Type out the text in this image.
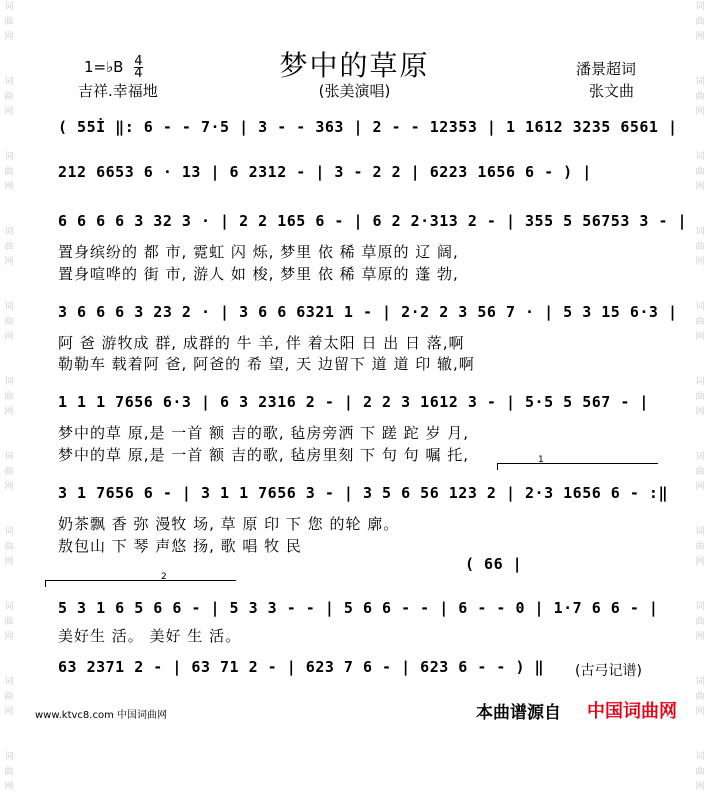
词
曲
网

词
曲
网

词
曲
网

词
曲
网

词
曲
网

词
曲
网

词
曲
网

词
曲
网

词
曲
网

词
曲
网

词
曲
网
词
曲
网

词
曲
网

词
曲
网

词
曲
网

词
曲
网

词
曲
网

词
曲
网

词
曲
网

词
曲
网

词
曲
网

词
曲
网
梦中的草原
1=♭B $\frac{4}{4}$
吉祥.幸福地	(张美演唱)
潘景超词
张文曲
( 55İ ‖: 6 - - 7·5 | 3 - - 363 | 2 - - 12353 | 1 1612 3235 6561 |
212 6653 6 · 13 | 6 2312 - | 3 - 2 2 | 6223 1656 6 - ) |
6 6 6 6 3 32 3 · | 2 2 165 6 - | 6 2 2·313 2 - | 355 5 56753 3 - |
置身缤纷的 都 市, 霓虹 闪 烁, 梦里 依 稀 草原的 辽 阔,
置身喧哗的 街 市, 游人 如 梭, 梦里 依 稀 草原的 蓬 勃,
3 6 6 6 3 23 2 · | 3 6 6 6321 1 - | 2·2 2 3 56 7 · | 5 3 15 6·3 |
阿 爸 游牧成 群, 成群的 牛 羊, 伴 着太阳 日 出 日 落,啊
勒勒车 载着阿 爸, 阿爸的 希 望, 天 边留下 道 道 印 辙,啊
1 1 1 7656 6·3 | 6 3 2316 2 - | 2 2 3 1612 3 - | 5·5 5 567 - |
梦中的草 原,是 一首 额 吉的歌, 毡房旁洒 下 蹉 跎 岁 月,
梦中的草 原,是 一首 额 吉的歌, 毡房里刻 下 句 句 嘱 托,	1
3 1 7656 6 - | 3 1 1 7656 3 - | 3 5 6 56 123 2 | 2·3 1656 6 - :‖
奶茶飘 香 弥 漫牧 场, 草 原 印 下 您 的轮 廓。
敖包山 下 琴 声悠 扬, 歌 唱 牧 民
( 66 |
2
5 3 1 6 5 6 6 - | 5 3 3 - - | 5 6 6 - - | 6 - - 0 | 1·7 6 6 - |
美好生 活。 美好 生 活。
63 2371 2 - | 63 71 2 - | 623 7 6 - | 623 6 - - ) ‖	(古弓记谱)
www.ktvc8.com 中国词曲网	本曲谱源自 中国词曲网
